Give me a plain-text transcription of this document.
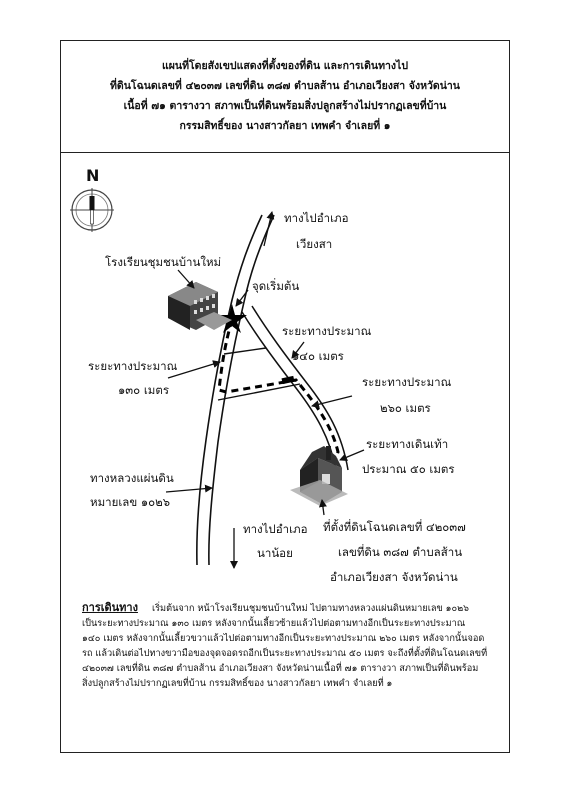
แผนที่โดยสังเขปแสดงที่ตั้งของที่ดิน และการเดินทางไป
ที่ดินโฉนดเลขที่ ๔๒๐๓๗ เลขที่ดิน ๓๘๗ ตำบลส้าน อำเภอเวียงสา จังหวัดน่าน
เนื้อที่ ๗๑ ตารางวา สภาพเป็นที่ดินพร้อมสิ่งปลูกสร้างไม่ปรากฏเลขที่บ้าน
กรรมสิทธิ์ของ นางสาวกัลยา เทพคำ จำเลยที่ ๑
N
ทางไปอำเภอ
เวียงสา
โรงเรียนชุมชนบ้านใหม่
จุดเริ่มต้น
ระยะทางประมาณ
๑๔๐ เมตร
ระยะทางประมาณ
๑๓๐ เมตร
ระยะทางประมาณ
๒๖๐ เมตร
ระยะทางเดินเท้า
ประมาณ ๕๐ เมตร
ทางหลวงแผ่นดิน
หมายเลข ๑๐๒๖
ทางไปอำเภอ
นาน้อย
ที่ตั้งที่ดินโฉนดเลขที่ ๔๒๐๓๗
เลขที่ดิน ๓๘๗ ตำบลส้าน
อำเภอเวียงสา จังหวัดน่าน
การเดินทาง เริ่มต้นจาก หน้าโรงเรียนชุมชนบ้านใหม่ ไปตามทางหลวงแผ่นดินหมายเลข ๑๐๒๖
เป็นระยะทางประมาณ ๑๓๐ เมตร หลังจากนั้นเลี้ยวซ้ายแล้วไปต่อตามทางอีกเป็นระยะทางประมาณ
๑๔๐ เมตร หลังจากนั้นเลี้ยวขวาแล้วไปต่อตามทางอีกเป็นระยะทางประมาณ ๒๖๐ เมตร หลังจากนั้นจอด
รถ แล้วเดินต่อไปทางขวามือของจุดจอดรถอีกเป็นระยะทางประมาณ ๕๐ เมตร จะถึงที่ตั้งที่ดินโฉนดเลขที่
๔๒๐๓๗ เลขที่ดิน ๓๘๗ ตำบลส้าน อำเภอเวียงสา จังหวัดน่านเนื้อที่ ๗๑ ตารางวา สภาพเป็นที่ดินพร้อม
สิ่งปลูกสร้างไม่ปรากฏเลขที่บ้าน กรรมสิทธิ์ของ นางสาวกัลยา เทพคำ จำเลยที่ ๑
